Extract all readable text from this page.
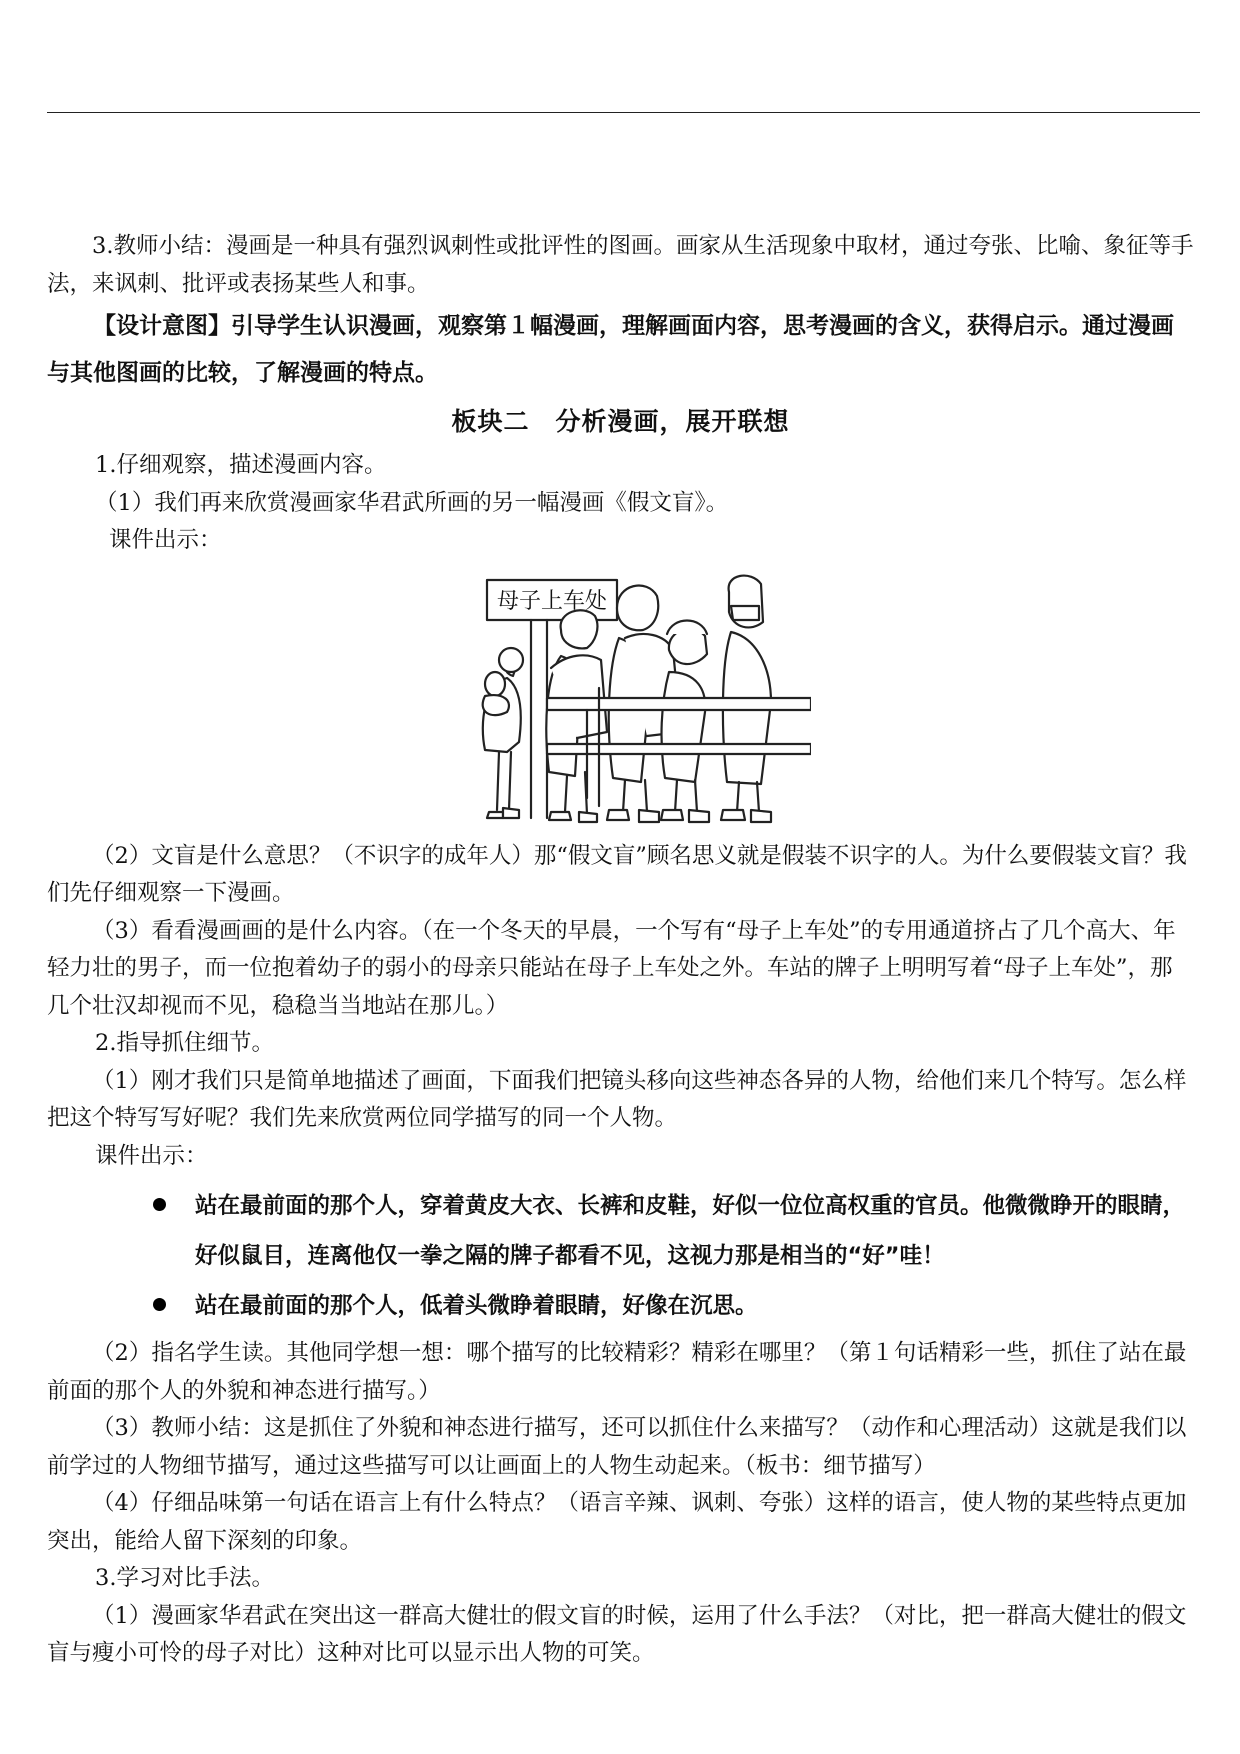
3.教师小结：漫画是一种具有强烈讽刺性或批评性的图画。画家从生活现象中取材，通过夸张、比喻、象征等手法，来讽刺、批评或表扬某些人和事。

【设计意图】引导学生认识漫画，观察第１幅漫画，理解画面内容，思考漫画的含义，获得启示。通过漫画与其他图画的比较，了解漫画的特点。

板块二　分析漫画，展开联想

1.仔细观察，描述漫画内容。

（1）我们再来欣赏漫画家华君武所画的另一幅漫画《假文盲》。

课件出示：

母子上车处

（2）文盲是什么意思？（不识字的成年人）那“假文盲”顾名思义就是假装不识字的人。为什么要假装文盲？我们先仔细观察一下漫画。

（3）看看漫画画的是什么内容。（在一个冬天的早晨，一个写有“母子上车处”的专用通道挤占了几个高大、年轻力壮的男子，而一位抱着幼子的弱小的母亲只能站在母子上车处之外。车站的牌子上明明写着“母子上车处”，那几个壮汉却视而不见，稳稳当当地站在那儿。）

2.指导抓住细节。

（1）刚才我们只是简单地描述了画面，下面我们把镜头移向这些神态各异的人物，给他们来几个特写。怎么样把这个特写写好呢？我们先来欣赏两位同学描写的同一个人物。

课件出示：

站在最前面的那个人，穿着黄皮大衣、长裤和皮鞋，好似一位位高权重的官员。他微微睁开的眼睛，好似鼠目，连离他仅一拳之隔的牌子都看不见，这视力那是相当的“好”哇！
站在最前面的那个人，低着头微睁着眼睛，好像在沉思。

（2）指名学生读。其他同学想一想：哪个描写的比较精彩？精彩在哪里？（第１句话精彩一些，抓住了站在最前面的那个人的外貌和神态进行描写。）

（3）教师小结：这是抓住了外貌和神态进行描写，还可以抓住什么来描写？（动作和心理活动）这就是我们以前学过的人物细节描写，通过这些描写可以让画面上的人物生动起来。（板书：细节描写）

（4）仔细品味第一句话在语言上有什么特点？（语言辛辣、讽刺、夸张）这样的语言，使人物的某些特点更加突出，能给人留下深刻的印象。

3.学习对比手法。

（1）漫画家华君武在突出这一群高大健壮的假文盲的时候，运用了什么手法？（对比，把一群高大健壮的假文盲与瘦小可怜的母子对比）这种对比可以显示出人物的可笑。
